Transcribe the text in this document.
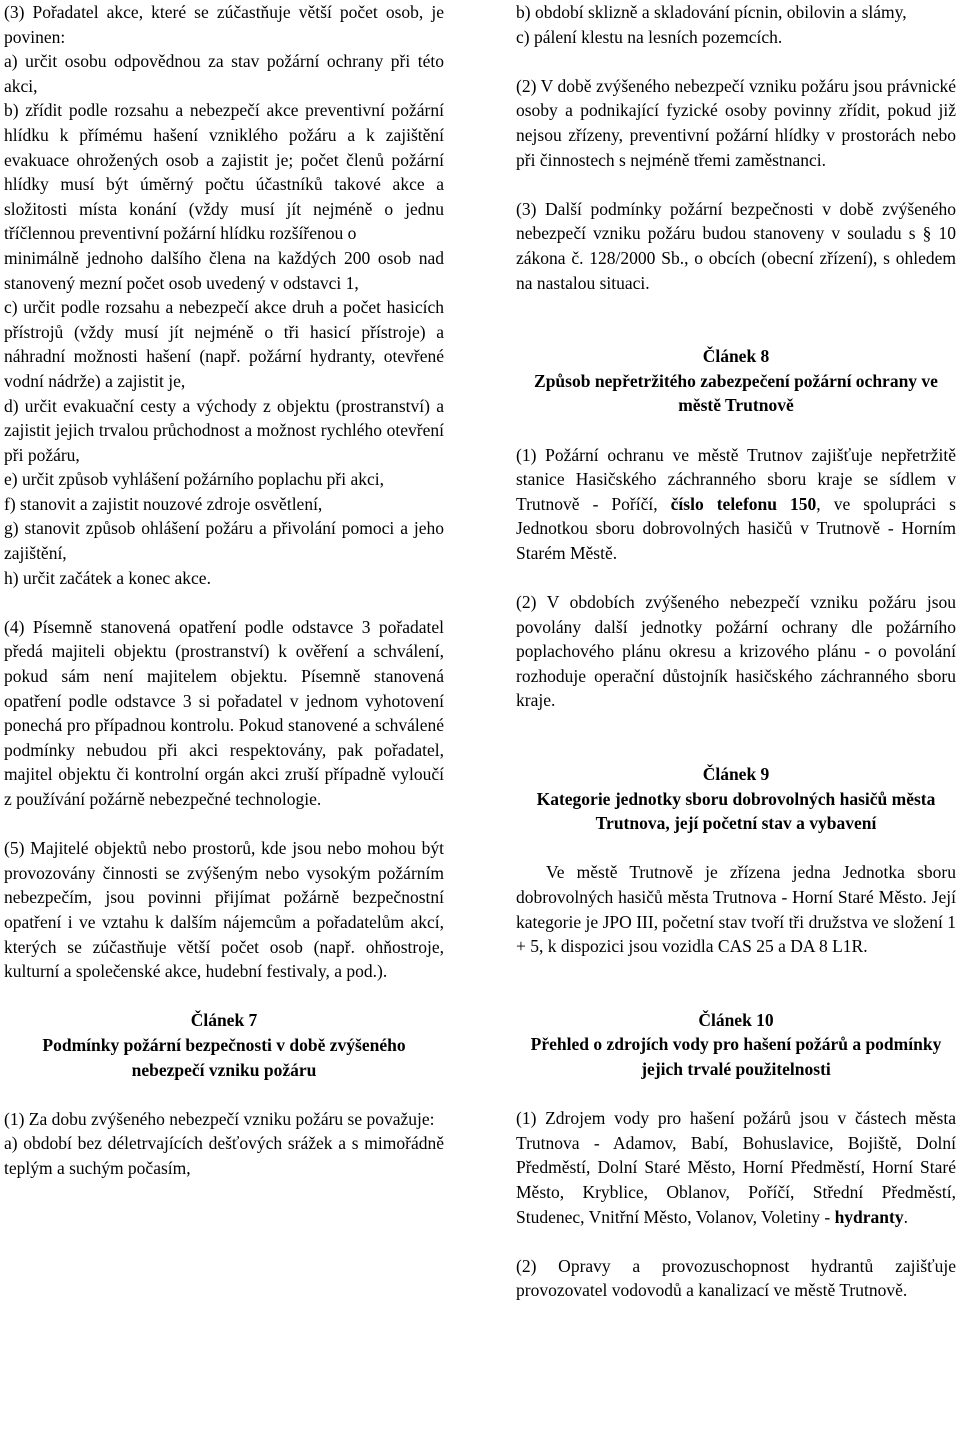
(3) Pořadatel akce, které se zúčastňuje větší počet osob, je povinen:

a) určit osobu odpovědnou za stav požární ochrany při této akci,

b) zřídit podle rozsahu a nebezpečí akce preventivní požární hlídku k přímému hašení vzniklého požáru a k zajištění evakuace ohrožených osob a zajistit je; počet členů požární hlídky musí být úměrný počtu účastníků takové akce a složitosti místa konání (vždy musí jít nejméně o jednu tříčlennou preventivní požární hlídku rozšířenou o

minimálně jednoho dalšího člena na každých 200 osob nad stanovený mezní počet osob uvedený v odstavci 1,

c) určit podle rozsahu a nebezpečí akce druh a počet hasicích přístrojů (vždy musí jít nejméně o tři hasicí přístroje) a náhradní možnosti hašení (např. požární hydranty, otevřené vodní nádrže) a zajistit je,

d) určit evakuační cesty a východy z objektu (prostranství) a zajistit jejich trvalou průchodnost a možnost rychlého otevření při požáru,

e) určit způsob vyhlášení požárního poplachu při akci,

f) stanovit a zajistit nouzové zdroje osvětlení,

g) stanovit způsob ohlášení požáru a přivolání pomoci a jeho zajištění,

h) určit začátek a konec akce.

(4) Písemně stanovená opatření podle odstavce 3 pořadatel předá majiteli objektu (prostranství) k ověření a schválení, pokud sám není majitelem objektu. Písemně stanovená opatření podle odstavce 3 si pořadatel v jednom vyhotovení ponechá pro případnou kontrolu. Pokud stanovené a schválené podmínky nebudou při akci respektovány, pak pořadatel, majitel objektu či kontrolní orgán akci zruší případně vyloučí z používání požárně nebezpečné technologie.

(5) Majitelé objektů nebo prostorů, kde jsou nebo mohou být provozovány činnosti se zvýšeným nebo vysokým požárním nebezpečím, jsou povinni přijímat požárně bezpečnostní opatření i ve vztahu k dalším nájemcům a pořadatelům akcí, kterých se zúčastňuje větší počet osob (např. ohňostroje, kulturní a společenské akce, hudební festivaly, a pod.).

Článek 7

Podmínky požární bezpečnosti v době zvýšeného nebezpečí vzniku požáru

(1) Za dobu zvýšeného nebezpečí vzniku požáru se považuje:

a) období bez déletrvajících dešťových srážek a s mimořádně teplým a suchým počasím,

b) období sklizně a skladování pícnin, obilovin a slámy,

c) pálení klestu na lesních pozemcích.

(2) V době zvýšeného nebezpečí vzniku požáru jsou právnické osoby a podnikající fyzické osoby povinny zřídit, pokud již nejsou zřízeny, preventivní požární hlídky v prostorách nebo při činnostech s nejméně třemi zaměstnanci.

(3) Další podmínky požární bezpečnosti v době zvýšeného nebezpečí vzniku požáru budou stanoveny v souladu s § 10 zákona č. 128/2000 Sb., o obcích (obecní zřízení), s ohledem na nastalou situaci.

Článek 8

Způsob nepřetržitého zabezpečení požární ochrany ve městě Trutnově

(1) Požární ochranu ve městě Trutnov zajišťuje nepřetržitě stanice Hasičského záchranného sboru kraje se sídlem v Trutnově - Poříčí, číslo telefonu 150, ve spolupráci s Jednotkou sboru dobrovolných hasičů v Trutnově - Horním Starém Městě.

(2) V obdobích zvýšeného nebezpečí vzniku požáru jsou povolány další jednotky požární ochrany dle požárního poplachového plánu okresu a krizového plánu - o povolání rozhoduje operační důstojník hasičského záchranného sboru kraje.

Článek 9

Kategorie jednotky sboru dobrovolných hasičů města Trutnova, její početní stav a vybavení

Ve městě Trutnově je zřízena jedna Jednotka sboru dobrovolných hasičů města Trutnova - Horní Staré Město. Její kategorie je JPO III, početní stav tvoří tři družstva ve složení 1 + 5, k dispozici jsou vozidla CAS 25 a DA 8 L1R.

Článek 10

Přehled o zdrojích vody pro hašení požárů a podmínky jejich trvalé použitelnosti

(1) Zdrojem vody pro hašení požárů jsou v částech města Trutnova - Adamov, Babí, Bohuslavice, Bojiště, Dolní Předměstí, Dolní Staré Město, Horní Předměstí, Horní Staré Město, Kryblice, Oblanov, Poříčí, Střední Předměstí, Studenec, Vnitřní Město, Volanov, Voletiny - hydranty.

(2) Opravy a provozuschopnost hydrantů zajišťuje provozovatel vodovodů a kanalizací ve městě Trutnově.
